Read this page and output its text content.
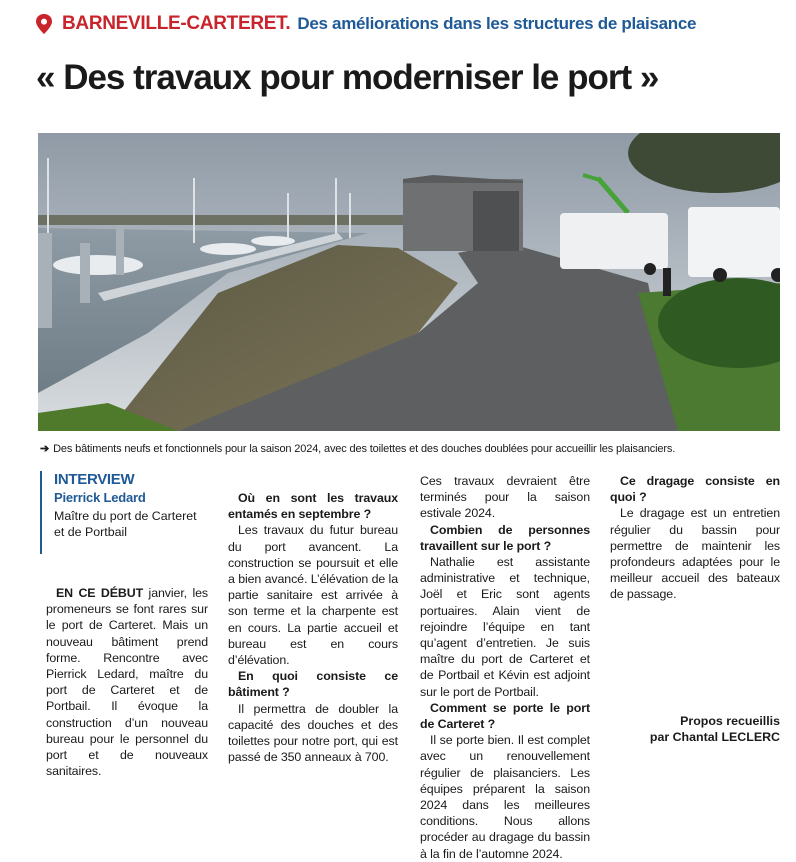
BARNEVILLE-CARTERET. Des améliorations dans les structures de plaisance
« Des travaux pour moderniser le port »
➔ Des bâtiments neufs et fonctionnels pour la saison 2024, avec des toilettes et des douches doublées pour accueillir les plaisanciers.
INTERVIEW
Pierrick Ledard
Maître du port de Carteret et de Portbail

EN CE DÉBUT janvier, les promeneurs se font rares sur le port de Carteret. Mais un nouveau bâtiment prend forme. Rencontre avec Pierrick Ledard, maître du port de Carteret et de Portbail. Il évoque la construction d’un nouveau bureau pour le personnel du port et de nouveaux sanitaires.

Où en sont les travaux entamés en septembre ?

Les travaux du futur bureau du port avancent. La construction se poursuit et elle a bien avancé. L’élévation de la partie sanitaire est arrivée à son terme et la charpente est en cours. La partie accueil et bureau est en cours d’élévation.

En quoi consiste ce bâtiment ?

Il permettra de doubler la capacité des douches et des toilettes pour notre port, qui est passé de 350 anneaux à 700.

Ces travaux devraient être terminés pour la saison estivale 2024.

Combien de personnes travaillent sur le port ?

Nathalie est assistante administrative et technique, Joël et Eric sont agents portuaires. Alain vient de rejoindre l’équipe en tant qu’agent d’entretien. Je suis maître du port de Carteret et de Portbail et Kévin est adjoint sur le port de Portbail.

Comment se porte le port de Carteret ?

Il se porte bien. Il est complet avec un renouvellement régulier de plaisanciers. Les équipes préparent la saison 2024 dans les meilleures conditions. Nous allons procéder au dragage du bassin à la fin de l’automne 2024.

Ce dragage consiste en quoi ?

Le dragage est un entretien régulier du bassin pour permettre de maintenir les profondeurs adaptées pour le meilleur accueil des bateaux de passage.

Propos recueillis
par Chantal LECLERC
